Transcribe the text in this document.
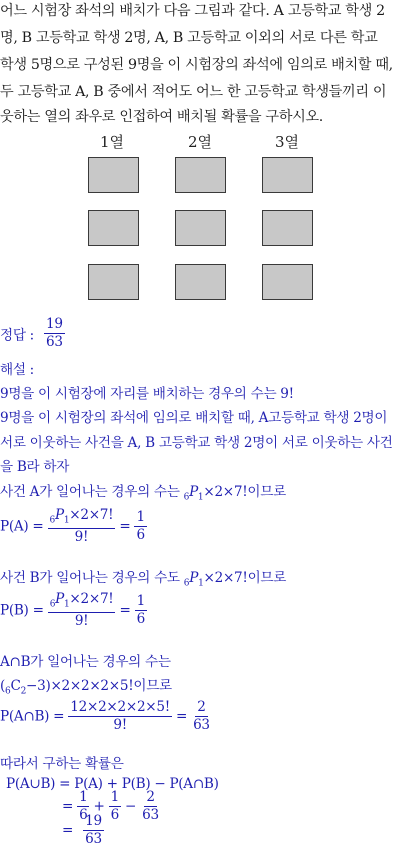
어느 시험장 좌석의 배치가 다음 그림과 같다. A 고등학교 학생 2
명, B 고등학교 학생 2명, A, B 고등학교 이외의 서로 다른 학교
학생 5명으로 구성된 9명을 이 시험장의 좌석에 임의로 배치할 때,
두 고등학교 A, B 중에서 적어도 어느 한 고등학교 학생들끼리 이
웃하는 열의 좌우로 인접하여 배치될 확률을 구하시오.
1열	2열	3열
정답 : $\frac{19}{63}$
해설 :
9명을 이 시험장에 자리를 배치하는 경우의 수는 9!
9명을 이 시험장의 좌석에 임의로 배치할 때, A고등학교 학생 2명이
서로 이웃하는 사건을 A, B 고등학교 학생 2명이 서로 이웃하는 사건
을 B라 하자
사건 A가 일어나는 경우의 수는 $_6P_1\times 2\times 7$!이므로
$P(A) = \frac{_6P_1\times 2\times 7!}{9!} = \frac{1}{6}$
사건 B가 일어나는 경우의 수도 $_6P_1\times 2\times 7$!이므로
$P(B) = \frac{_6P_1\times 2\times 7!}{9!} = \frac{1}{6}$
A∩B가 일어나는 경우의 수는
$(_6C_2-3)\times 2\times 2\times 2\times 5$!이므로
P(A∩B) = $\frac{12\times 2\times 2\times 2\times 5!}{9!} = \frac{2}{63}$
따라서 구하는 확률은
P(A∪B) = P(A) + P(B) − P(A∩B)
= $\frac{1}{6} + \frac{1}{6} - \frac{2}{63}$
= $\frac{19}{63}$
